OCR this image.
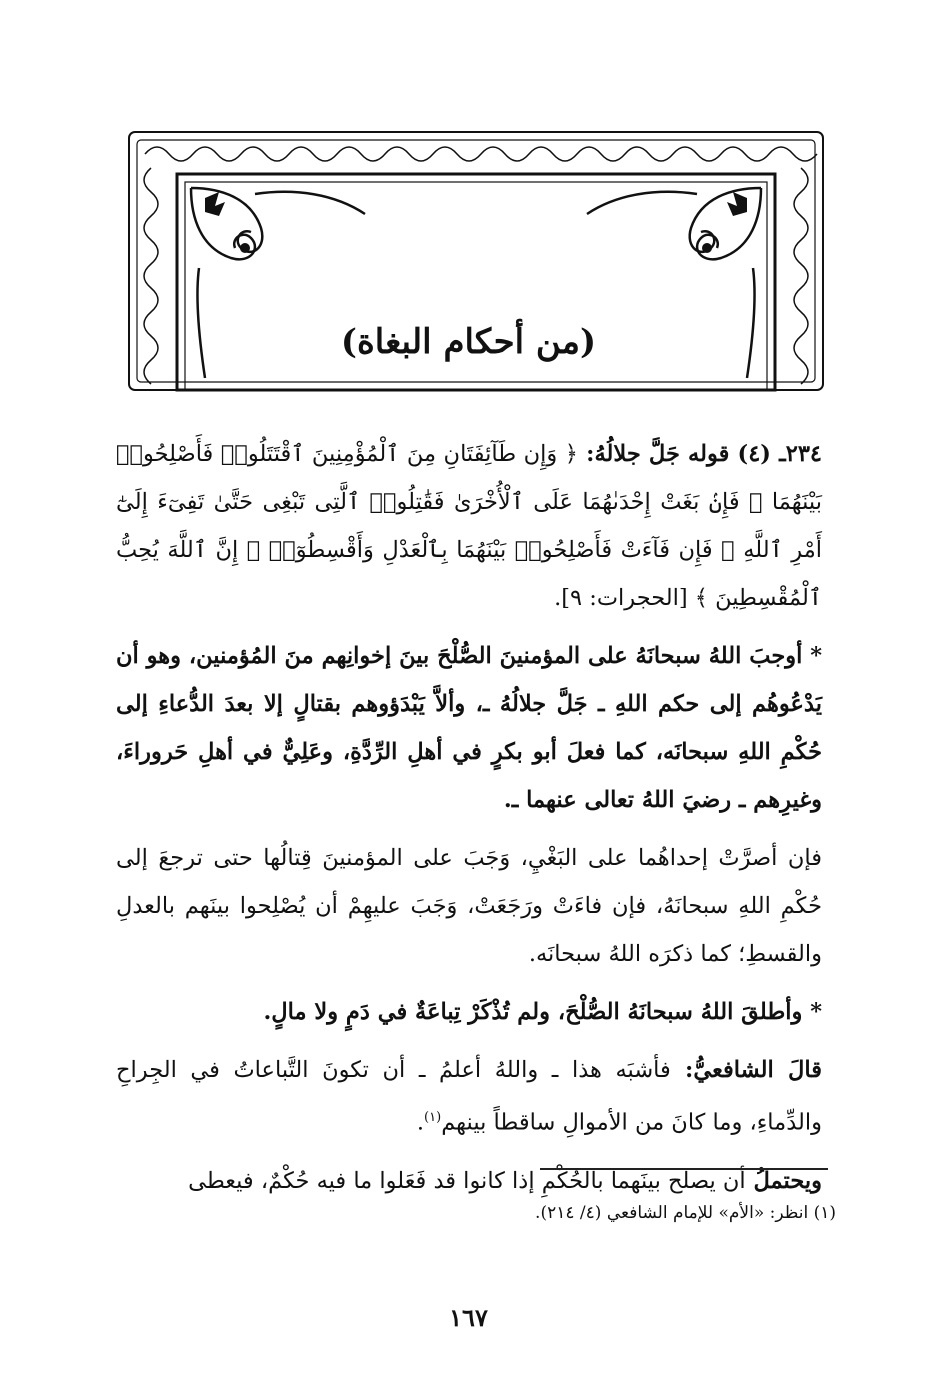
(من أحكام البغاة)

٢٣٤ـ (٤) قوله جَلَّ جلالُهُ: ﴿ وَإِن طَآئِفَتَانِ مِنَ ٱلْمُؤْمِنِينَ ٱقْتَتَلُوا۟ فَأَصْلِحُوا۟ بَيْنَهُمَا ۖ فَإِنۢ بَغَتْ إِحْدَىٰهُمَا عَلَى ٱلْأُخْرَىٰ فَقَٰتِلُوا۟ ٱلَّتِى تَبْغِى حَتَّىٰ تَفِىٓءَ إِلَىٰٓ أَمْرِ ٱللَّهِ ۚ فَإِن فَآءَتْ فَأَصْلِحُوا۟ بَيْنَهُمَا بِٱلْعَدْلِ وَأَقْسِطُوٓا۟ ۖ إِنَّ ٱللَّهَ يُحِبُّ ٱلْمُقْسِطِينَ ﴾ [الحجرات: ٩].

* أوجبَ اللهُ سبحانَهُ على المؤمنينَ الصُّلْحَ بينَ إخوانِهم منَ المُؤمنين، وهو أن يَدْعُوهُم إلى حكم اللهِ ـ جَلَّ جلالُهُ ـ، وألاَّ يَبْدَؤوهم بقتالٍ إلا بعدَ الدُّعاءِ إلى حُكْمِ اللهِ سبحانَه، كما فعلَ أبو بكرٍ في أهلِ الرِّدَّةِ، وعَلِيٌّ في أهلِ حَروراءَ، وغيرِهم ـ رضيَ اللهُ تعالى عنهما ـ.

فإن أصرَّتْ إحداهُما على البَغْيِ، وَجَبَ على المؤمنينَ قِتالُها حتى ترجعَ إلى حُكْمِ اللهِ سبحانَهُ، فإن فاءَتْ ورَجَعَتْ، وَجَبَ عليهِمْ أن يُصْلِحوا بينَهم بالعدلِ والقسطِ؛ كما ذكرَه اللهُ سبحانَه.

* وأطلقَ اللهُ سبحانَهُ الصُّلْحَ، ولم تُذْكَرْ تِباعَةٌ في دَمٍ ولا مالٍ.

قالَ الشافعيُّ: فأشبَه هذا ـ واللهُ أعلمُ ـ أن تكونَ التَّباعاتُ في الجِراحِ والدِّماءِ، وما كانَ من الأموالِ ساقطاً بينهم$^{(١)}$.

ويحتملُ أن يصلح بينَهما بالحُكْمِ إذا كانوا قد فَعَلوا ما فيه حُكْمٌ، فيعطى

(١) انظر: «الأم» للإمام الشافعي (٤/ ٢١٤).
١٦٧
